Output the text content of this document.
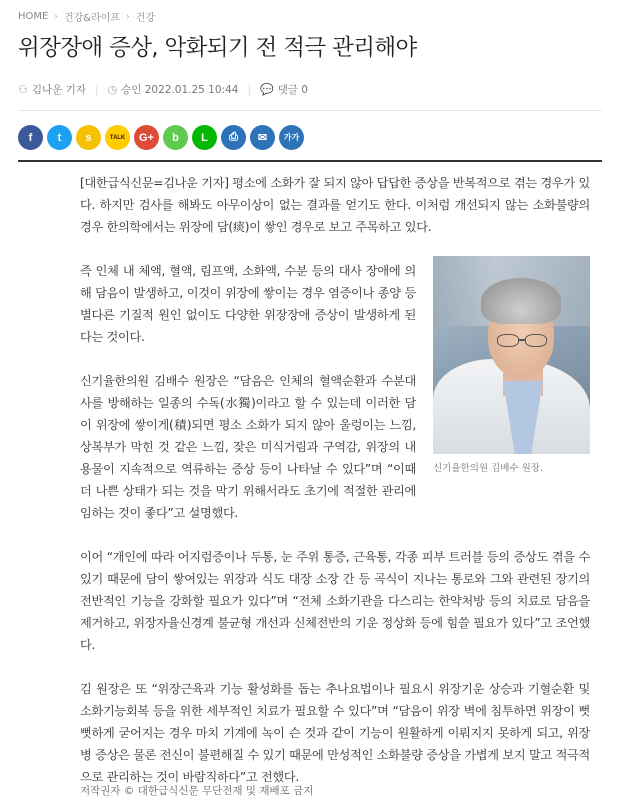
HOME › 건강&라이프 › 건강
위장장애 증상, 악화되기 전 적극 관리해야
⚇ 김나운 기자 | ◷ 승인 2022.01.25 10:44 | 💬 댓글 0
f	t	s	TALK	G+	b	L	⎙	✉	가가

[대한급식신문=김나운 기자] 평소에 소화가 잘 되지 않아 답답한 증상을 반복적으로 겪는 경우가 있다. 하지만 검사를 해봐도 아무이상이 없는 결과를 얻기도 한다. 이처럼 개선되지 않는 소화불량의 경우 한의학에서는 위장에 담(痰)이 쌓인 경우로 보고 주목하고 있다.

즉 인체 내 체액, 혈액, 림프액, 소화액, 수분 등의 대사 장애에 의해 담음이 발생하고, 이것이 위장에 쌓이는 경우 염증이나 종양 등 별다른 기질적 원인 없이도 다양한 위장장애 증상이 발생하게 된다는 것이다.

신기율한의원 김배수 원장은 “담음은 인체의 혈액순환과 수분대사를 방해하는 일종의 수독(水獨)이라고 할 수 있는데 이러한 담이 위장에 쌓이게(積)되면 평소 소화가 되지 않아 울렁이는 느낌, 상복부가 막힌 것 같은 느낌, 잦은 미식거림과 구역감, 위장의 내용물이 지속적으로 역류하는 증상 등이 나타날 수 있다”며 “이때 더 나쁜 상태가 되는 것을 막기 위해서라도 초기에 적절한 관리에 임하는 것이 좋다”고 설명했다.

이어 “개인에 따라 어지럼증이나 두통, 눈 주위 통증, 근육통, 각종 피부 트러블 등의 증상도 겪을 수 있기 때문에 담이 쌓여있는 위장과 식도 대장 소장 간 등 곡식이 지나는 통로와 그와 관련된 장기의 전반적인 기능을 강화할 필요가 있다”며 “전체 소화기관을 다스리는 한약처방 등의 치료로 담음을 제거하고, 위장자율신경계 불균형 개선과 신체전반의 기운 정상화 등에 힘쓸 필요가 있다”고 조언했다.

김 원장은 또 “위장근육과 기능 활성화를 돕는 추나요법이나 필요시 위장기운 상승과 기혈순환 및 소화기능회복 등을 위한 세부적인 치료가 필요할 수 있다”며 “담음이 위장 벽에 침투하면 위장이 뻣뻣하게 굳어지는 경우 마치 기계에 녹이 슨 것과 같이 기능이 원활하게 이뤄지지 못하게 되고, 위장병 증상은 물론 전신이 불편해질 수 있기 때문에 만성적인 소화불량 증상을 가볍게 보지 말고 적극적으로 관리하는 것이 바람직하다”고 전했다.

신기율한의원 김배수 원장.
저작권자 © 대한급식신문 무단전재 및 재배포 금지
